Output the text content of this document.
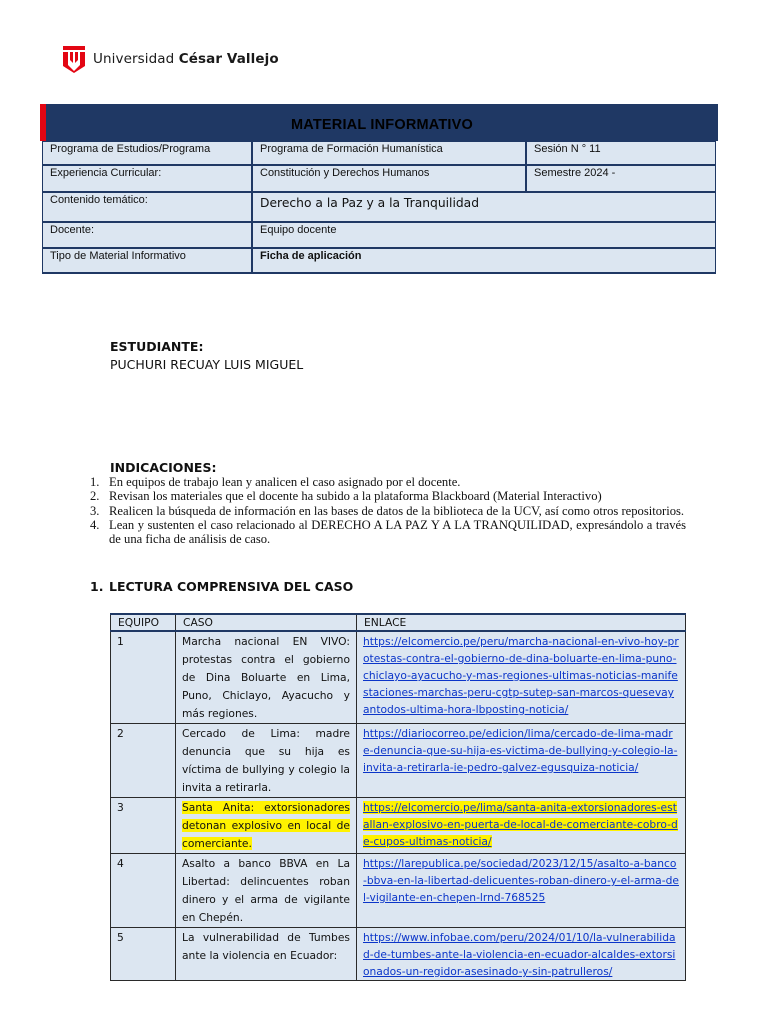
Universidad César Vallejo
MATERIAL INFORMATIVO
Programa de Estudios/Programa	Programa de Formación Humanística	Sesión N ° 11
Experiencia Curricular:	Constitución y Derechos Humanos	Semestre 2024 -
Contenido temático:	Derecho a la Paz y a la Tranquilidad
Docente:	Equipo docente
Tipo de Material Informativo	Ficha de aplicación
ESTUDIANTE:
PUCHURI RECUAY LUIS MIGUEL
INDICACIONES:
1. En equipos de trabajo lean y analicen el caso asignado por el docente.
2. Revisan los materiales que el docente ha subido a la plataforma Blackboard (Material Interactivo)
3. Realicen la búsqueda de información en las bases de datos de la biblioteca de la UCV, así como otros repositorios.
4. Lean y sustenten el caso relacionado al DERECHO A LA PAZ Y A LA TRANQUILIDAD, expresándolo a través de una ficha de análisis de caso.
1. LECTURA COMPRENSIVA DEL CASO
EQUIPO	CASO	ENLACE
1	Marcha nacional EN VIVO: protestas contra el gobierno de Dina Boluarte en Lima, Puno, Chiclayo, Ayacucho y más regiones.	https://elcomercio.pe/peru/marcha-nacional-en-vivo-hoy-protestas-contra-el-gobierno-de-dina-boluarte-en-lima-puno-chiclayo-ayacucho-y-mas-regiones-ultimas-noticias-manifestaciones-marchas-peru-cgtp-sutep-san-marcos-quesevayantodos-ultima-hora-lbposting-noticia/
2	Cercado de Lima: madre denuncia que su hija es víctima de bullying y colegio la invita a retirarla.	https://diariocorreo.pe/edicion/lima/cercado-de-lima-madre-denuncia-que-su-hija-es-victima-de-bullying-y-colegio-la-invita-a-retirarla-ie-pedro-galvez-egusquiza-noticia/
3	Santa Anita: extorsionadores detonan explosivo en local de comerciante.	https://elcomercio.pe/lima/santa-anita-extorsionadores-estallan-explosivo-en-puerta-de-local-de-comerciante-cobro-de-cupos-ultimas-noticia/
4	Asalto a banco BBVA en La Libertad: delincuentes roban dinero y el arma de vigilante en Chepén.	https://larepublica.pe/sociedad/2023/12/15/asalto-a-banco-bbva-en-la-libertad-delicuentes-roban-dinero-y-el-arma-del-vigilante-en-chepen-lrnd-768525
5	La vulnerabilidad de Tumbes ante la violencia en Ecuador:	https://www.infobae.com/peru/2024/01/10/la-vulnerabilidad-de-tumbes-ante-la-violencia-en-ecuador-alcaldes-extorsionados-un-regidor-asesinado-y-sin-patrulleros/
